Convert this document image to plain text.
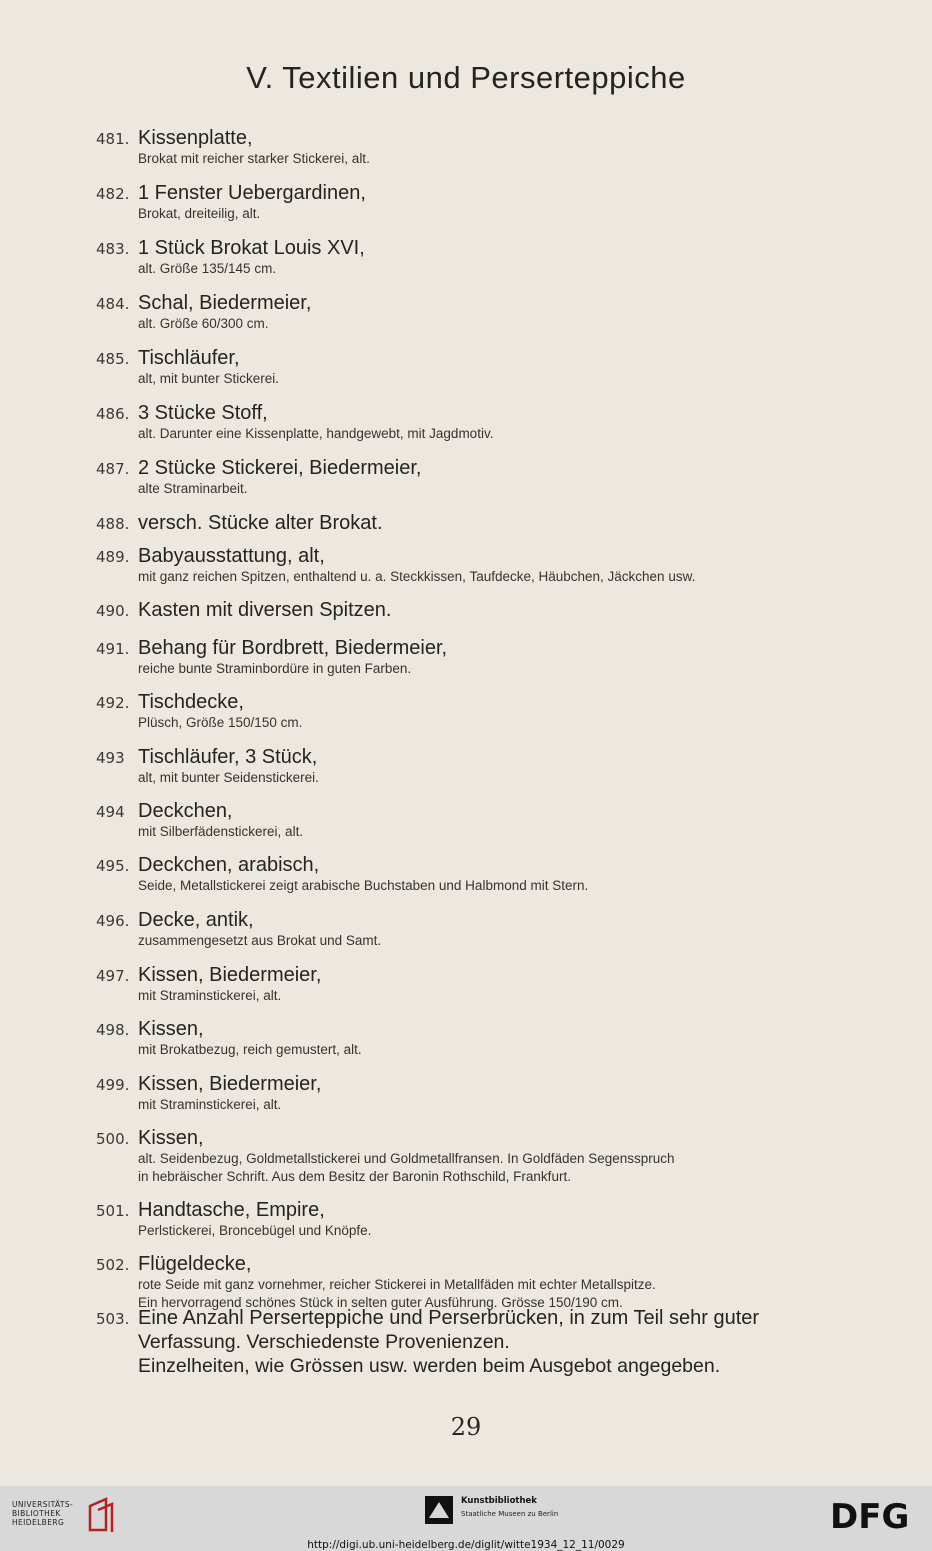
V. Textilien und Perserteppiche
481. Kissenplatte,
Brokat mit reicher starker Stickerei, alt.
482. 1 Fenster Uebergardinen,
Brokat, dreiteilig, alt.
483. 1 Stück Brokat Louis XVI,
alt. Größe 135/145 cm.
484. Schal, Biedermeier,
alt. Größe 60/300 cm.
485. Tischläufer,
alt, mit bunter Stickerei.
486. 3 Stücke Stoff,
alt. Darunter eine Kissenplatte, handgewebt, mit Jagdmotiv.
487. 2 Stücke Stickerei, Biedermeier,
alte Straminarbeit.
488. versch. Stücke alter Brokat.
489. Babyausstattung, alt,
mit ganz reichen Spitzen, enthaltend u. a. Steckkissen, Taufdecke, Häubchen, Jäckchen usw.
490. Kasten mit diversen Spitzen.
491. Behang für Bordbrett, Biedermeier,
reiche bunte Straminbordüre in guten Farben.
492. Tischdecke,
Plüsch, Größe 150/150 cm.
493 Tischläufer, 3 Stück,
alt, mit bunter Seidenstickerei.
494 Deckchen,
mit Silberfädenstickerei, alt.
495. Deckchen, arabisch,
Seide, Metallstickerei zeigt arabische Buchstaben und Halbmond mit Stern.
496. Decke, antik,
zusammengesetzt aus Brokat und Samt.
497. Kissen, Biedermeier,
mit Straminstickerei, alt.
498. Kissen,
mit Brokatbezug, reich gemustert, alt.
499. Kissen, Biedermeier,
mit Straminstickerei, alt.
500. Kissen,
alt. Seidenbezug, Goldmetallstickerei und Goldmetallfransen. In Goldfäden Segensspruch
in hebräischer Schrift. Aus dem Besitz der Baronin Rothschild, Frankfurt.
501. Handtasche, Empire,
Perlstickerei, Broncebügel und Knöpfe.
502. Flügeldecke,
rote Seide mit ganz vornehmer, reicher Stickerei in Metallfäden mit echter Metallspitze.
Ein hervorragend schönes Stück in selten guter Ausführung. Grösse 150/190 cm.
503. Eine Anzahl Perserteppiche und Perserbrücken, in zum Teil sehr guter
Verfassung. Verschiedenste Provenienzen.
Einzelheiten, wie Grössen usw. werden beim Ausgebot angegeben.
29
UNIVERSITÄTS-
BIBLIOTHEK
HEIDELBERG
Kunstbibliothek
Staatliche Museen zu Berlin	DFG
http://digi.ub.uni-heidelberg.de/diglit/witte1934_12_11/0029
